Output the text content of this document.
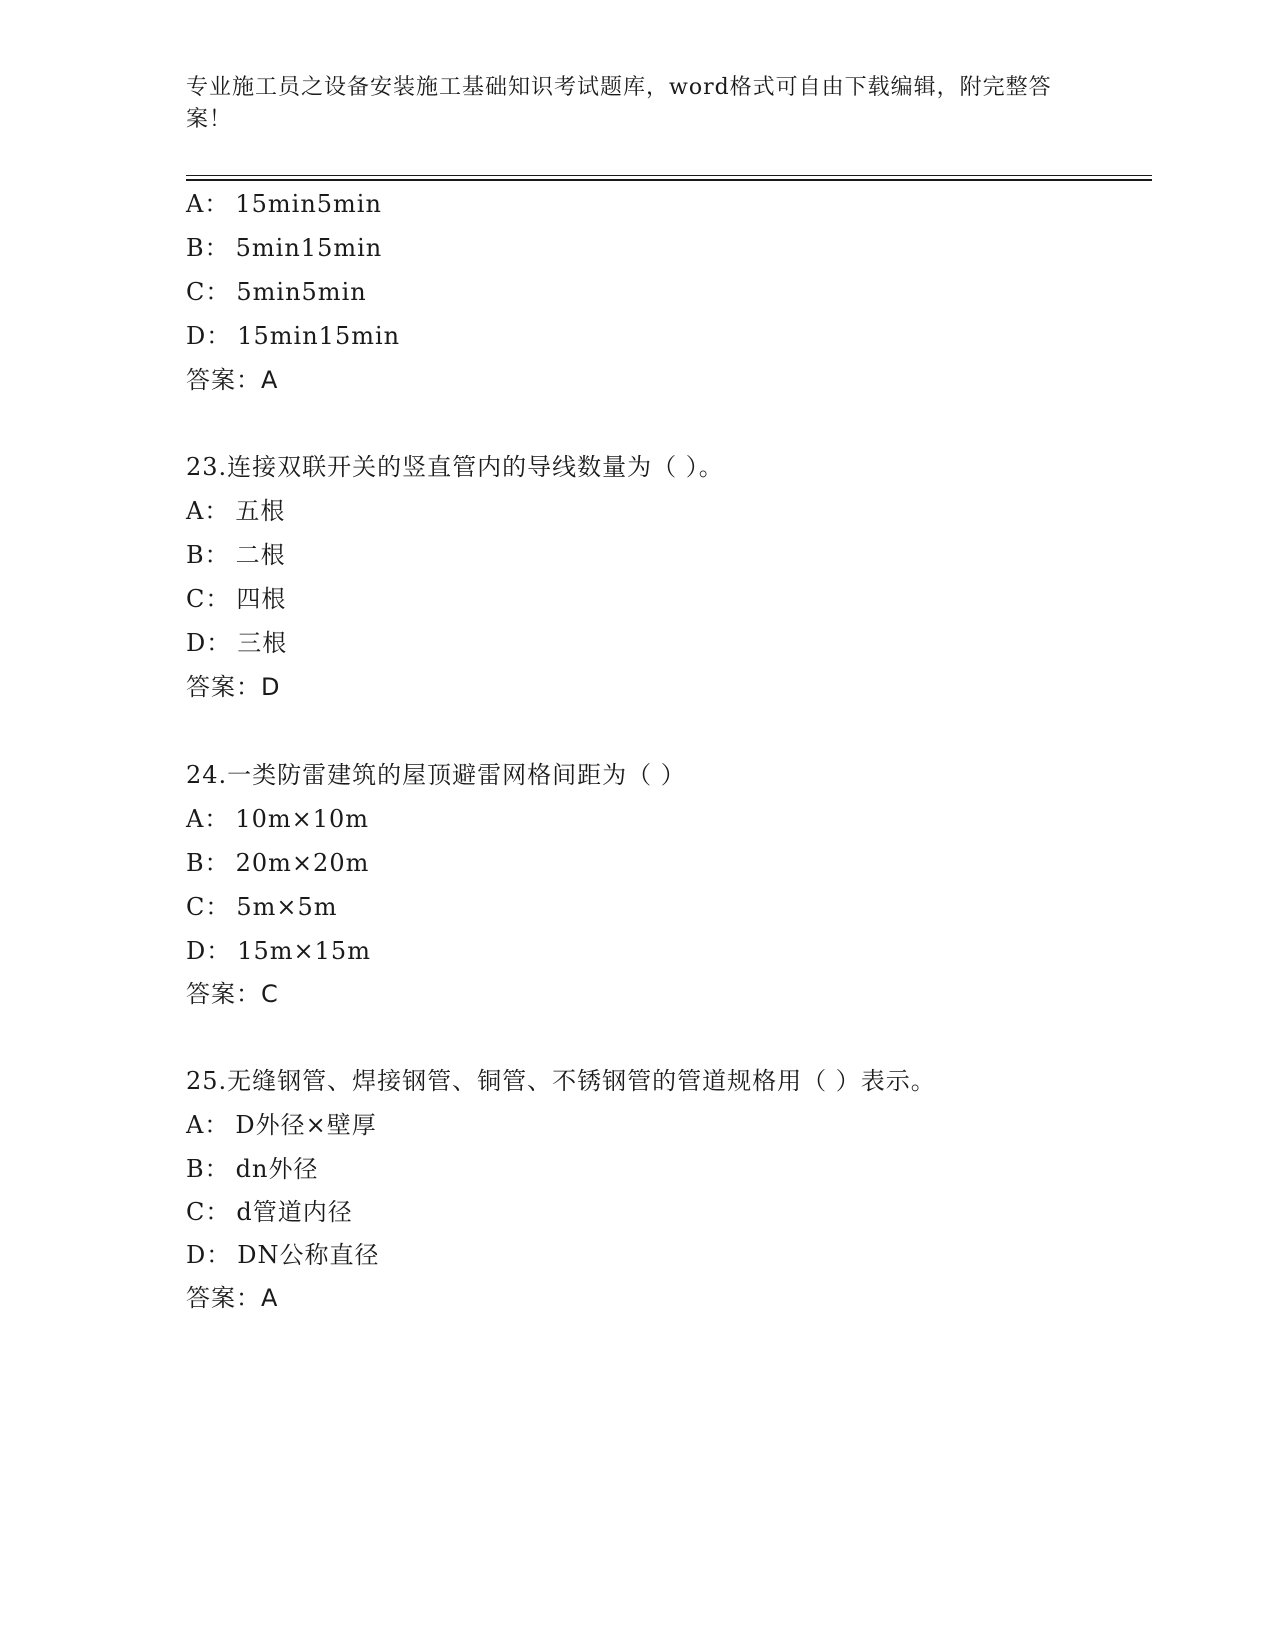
专业施工员之设备安装施工基础知识考试题库，word格式可自由下载编辑，附完整答案！
A： 15min5min
B： 5min15min
C： 5min5min
D： 15min15min
答案：A
23.连接双联开关的竖直管内的导线数量为（ ）。
A： 五根
B： 二根
C： 四根
D： 三根
答案：D
24.一类防雷建筑的屋顶避雷网格间距为（ ）
A： 10m×10m
B： 20m×20m
C： 5m×5m
D： 15m×15m
答案：C
25.无缝钢管、焊接钢管、铜管、不锈钢管的管道规格用（ ）表示。
A： D外径×壁厚
B： dn外径
C： d管道内径
D： DN公称直径
答案：A
